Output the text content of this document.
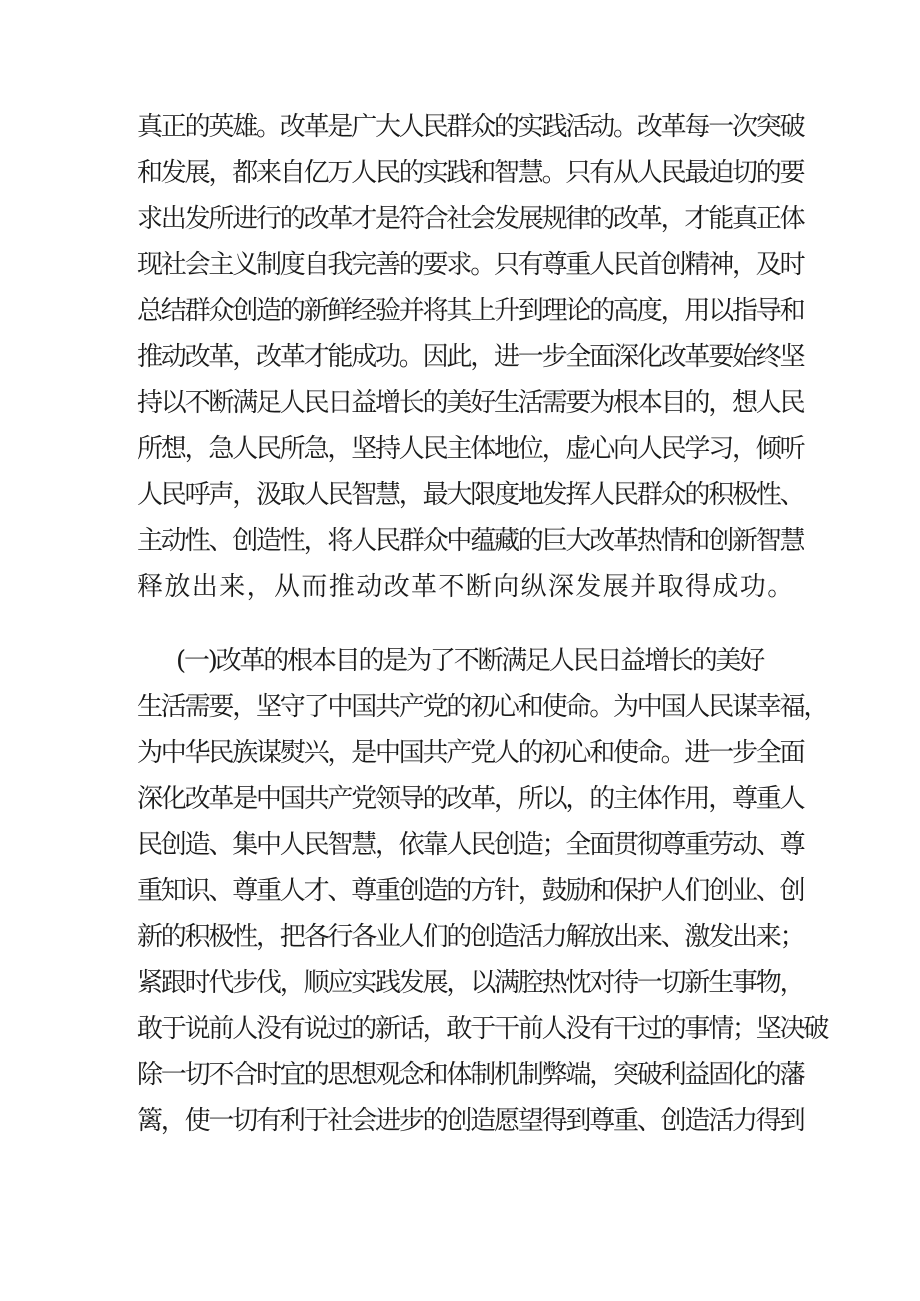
真正的英雄。改革是广大人民群众的实践活动。改革每一次突破
和发展，都来自亿万人民的实践和智慧。只有从人民最迫切的要
求出发所进行的改革才是符合社会发展规律的改革，才能真正体
现社会主义制度自我完善的要求。只有尊重人民首创精神，及时
总结群众创造的新鲜经验并将其上升到理论的高度，用以指导和
推动改革，改革才能成功。因此，进一步全面深化改革要始终坚
持以不断满足人民日益增长的美好生活需要为根本目的，想人民
所想，急人民所急，坚持人民主体地位，虚心向人民学习，倾听
人民呼声，汲取人民智慧，最大限度地发挥人民群众的积极性、
主动性、创造性，将人民群众中蕴藏的巨大改革热情和创新智慧
释放出来，从而推动改革不断向纵深发展并取得成功。
(一)改革的根本目的是为了不断满足人民日益增长的美好
生活需要，坚守了中国共产党的初心和使命。为中国人民谋幸福，
为中华民族谋熨兴，是中国共产党人的初心和使命。进一步全面
深化改革是中国共产党领导的改革，所以，的主体作用，尊重人
民创造、集中人民智慧，依靠人民创造；全面贯彻尊重劳动、尊
重知识、尊重人才、尊重创造的方针，鼓励和保护人们创业、创
新的积极性，把各行各业人们的创造活力解放出来、激发出来；
紧跟时代步伐，顺应实践发展，以满腔热忱对待一切新生事物，
敢于说前人没有说过的新话，敢于干前人没有干过的事情；坚决破
除一切不合时宜的思想观念和体制机制弊端，突破利益固化的藩
篱，使一切有利于社会进步的创造愿望得到尊重、创造活力得到
